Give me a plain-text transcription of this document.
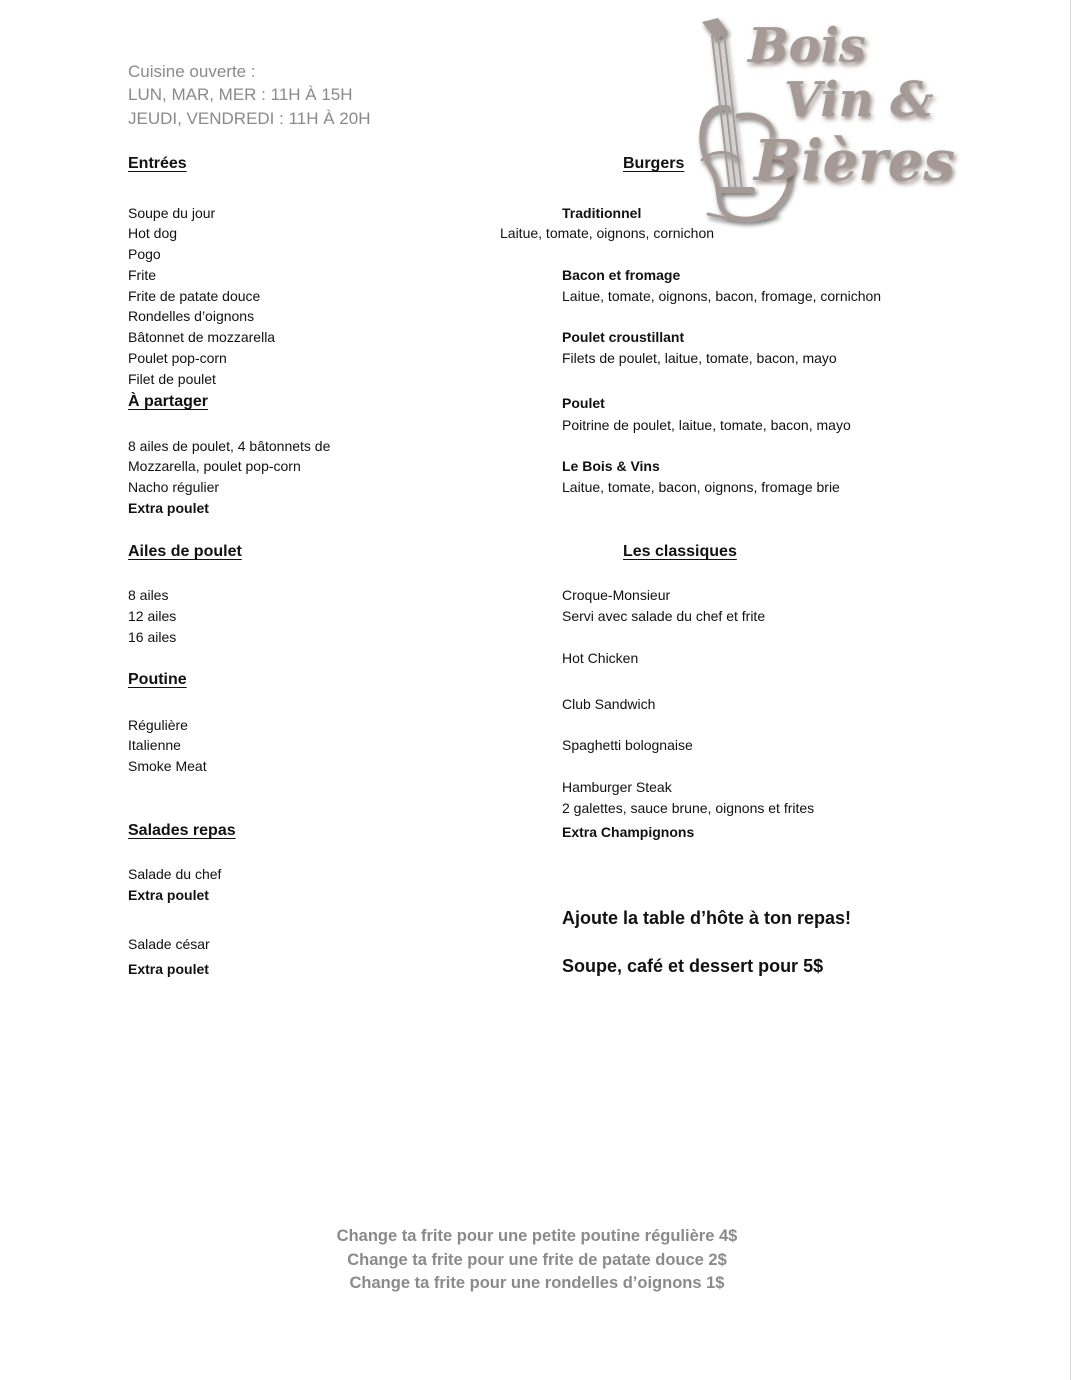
Cuisine ouverte :
LUN, MAR, MER : 11H À 15H
JEUDI, VENDREDI : 11H À 20H
Bois
Vin &
Bières
Entrées
Soupe du jour
Hot dog
Pogo
Frite
Frite de patate douce
Rondelles d’oignons
Bâtonnet de mozzarella
Poulet pop-corn
Filet de poulet
À partager
8 ailes de poulet, 4 bâtonnets de
Mozzarella, poulet pop-corn
Nacho régulier
Extra poulet
Ailes de poulet
8 ailes
12 ailes
16 ailes
Poutine
Régulière
Italienne
Smoke Meat
Salades repas
Salade du chef
Extra poulet
Salade césar
Extra poulet
Burgers
Traditionnel
Laitue, tomate, oignons, cornichon
Bacon et fromage
Laitue, tomate, oignons, bacon, fromage, cornichon
Poulet croustillant
Filets de poulet, laitue, tomate, bacon, mayo
Poulet
Poitrine de poulet, laitue, tomate, bacon, mayo
Le Bois & Vins
Laitue, tomate, bacon, oignons, fromage brie
Les classiques
Croque-Monsieur
Servi avec salade du chef et frite
Hot Chicken
Club Sandwich
Spaghetti bolognaise
Hamburger Steak
2 galettes, sauce brune, oignons et frites
Extra Champignons
Ajoute la table d’hôte à ton repas!
Soupe, café et dessert pour 5$
Change ta frite pour une petite poutine régulière 4$
Change ta frite pour une frite de patate douce 2$
Change ta frite pour une rondelles d’oignons 1$
